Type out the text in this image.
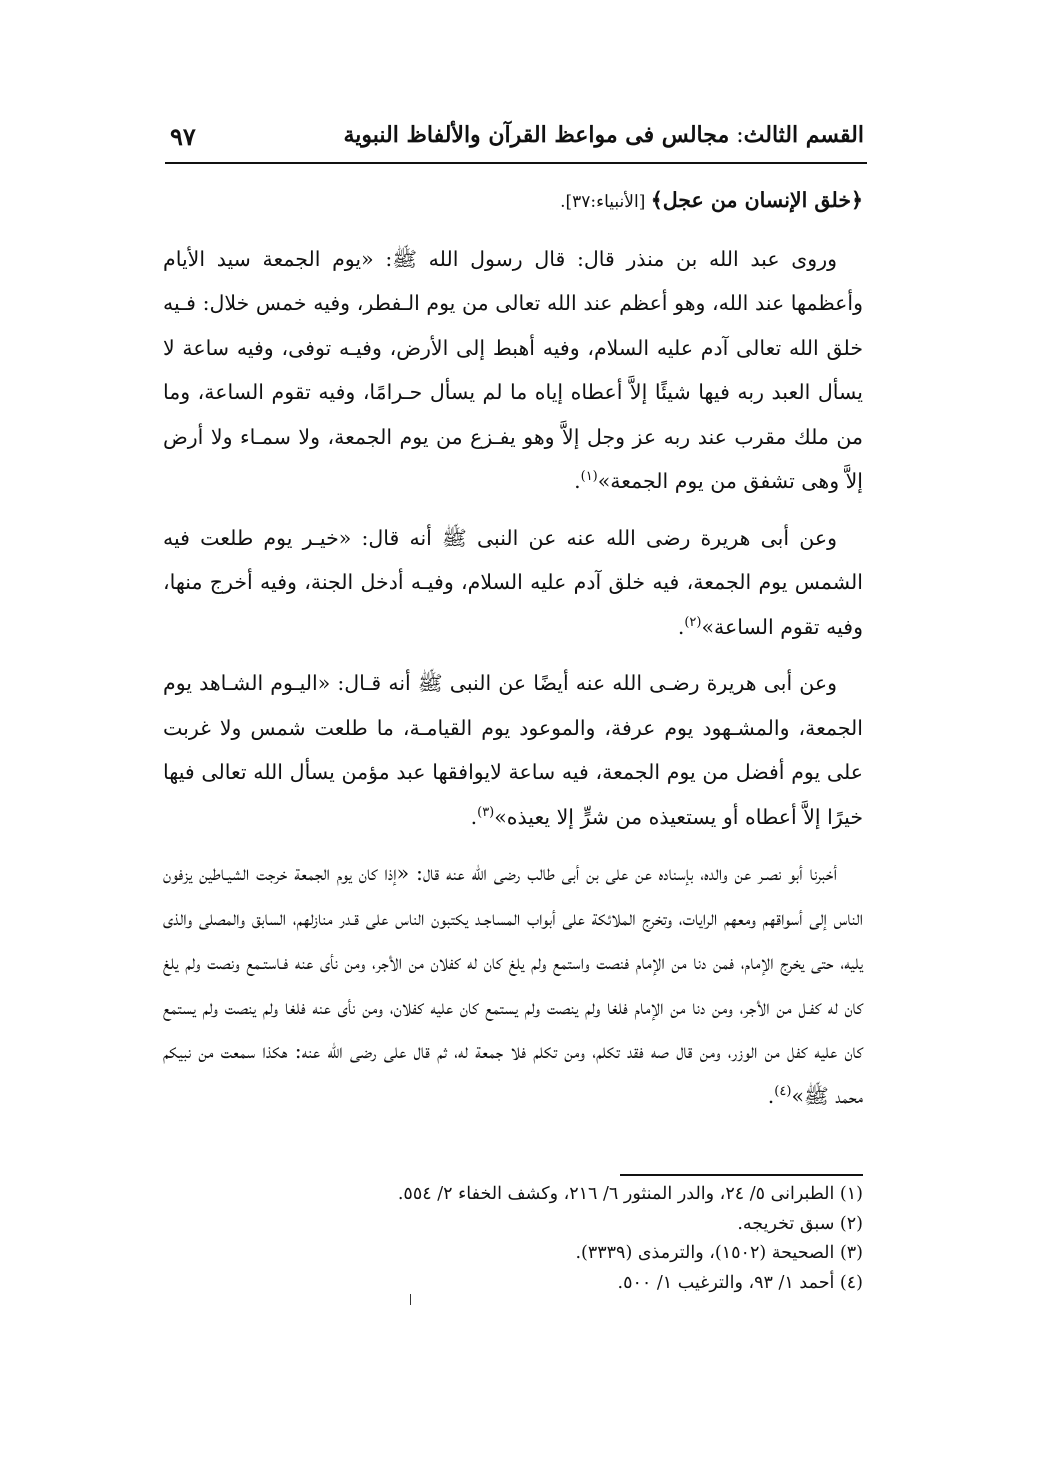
القسم الثالث: مجالس فى مواعظ القرآن والألفاظ النبوية
٩٧

﴿خلق الإنسان من عجل﴾ [الأنبياء:٣٧].

وروى عبد الله بن منذر قال: قال رسول الله ﷺ: «يوم الجمعة سيد الأيام وأعظمها عند الله، وهو أعظم عند الله تعالى من يوم الـفطر، وفيه خمس خلال: فـيه خلق الله تعالى آدم عليه السلام، وفيه أهبط إلى الأرض، وفيـه توفى، وفيه ساعة لا يسأل العبد ربه فيها شيئًا إلاَّ أعطاه إياه ما لم يسأل حـرامًا، وفيه تقوم الساعة، وما من ملك مقرب عند ربه عز وجل إلاَّ وهو يفـزع من يوم الجمعة، ولا سمـاء ولا أرض إلاَّ وهى تشفق من يوم الجمعة»$^{(١)}$.

وعن أبى هريرة رضى الله عنه عن النبى ﷺ أنه قال: «خيـر يوم طلعت فيه الشمس يوم الجمعة، فيه خلق آدم عليه السلام، وفيـه أدخل الجنة، وفيه أخرج منها، وفيه تقوم الساعة»$^{(٢)}$.

وعن أبى هريرة رضـى الله عنه أيضًا عن النبى ﷺ أنه قـال: «اليـوم الشـاهد يوم الجمعة، والمشـهود يوم عرفة، والموعود يوم القيامـة، ما طلعت شمس ولا غربت على يوم أفضل من يوم الجمعة، فيه ساعة لايوافقها عبد مؤمن يسأل الله تعالى فيها خيرًا إلاَّ أعطاه أو يستعيذه من شرٍّ إلا يعيذه»$^{(٣)}$.

أخبرنا أبو نصـر عن والده، بإسناده عن على بن أبى طالب رضى الله عنه قال: «إذا كان يوم الجمعة خرجت الشيـاطين يزفون الناس إلى أسواقهم ومعهم الرايات، وتخرج الملائكة على أبواب المساجـد يكتبون الناس على قـدر منازلهم، السابق والمصلى والذى يليه، حتى يخرج الإمام، فمن دنا من الإمام فنصت واستمع ولم يلغ كان له كفلان من الأجر، ومن نأى عنه فـاستـمع ونصت ولم يلغ كان له كفـل من الأجر، ومن دنا من الإمام فلغا ولم ينصت ولم يستمع كان عليه كفلان، ومن نأى عنه فلغا ولم ينصت ولم يستمع كان عليه كفل من الوزر، ومن قال صه فقد تكلم، ومن تكلم فلا جمعة له، ثم قال على رضى الله عنه: هكذا سمعت من نبيكم محمد ﷺ»$^{(٤)}$.

(١) الطبرانى ٥/ ٢٤، والدر المنثور ٦/ ٢١٦، وكشف الخفاء ٢/ ٥٥٤.
(٢) سبق تخريجه.
(٣) الصحيحة (١٥٠٢)، والترمذى (٣٣٣٩).
(٤) أحمد ١/ ٩٣، والترغيب ١/ ٥٠٠.
